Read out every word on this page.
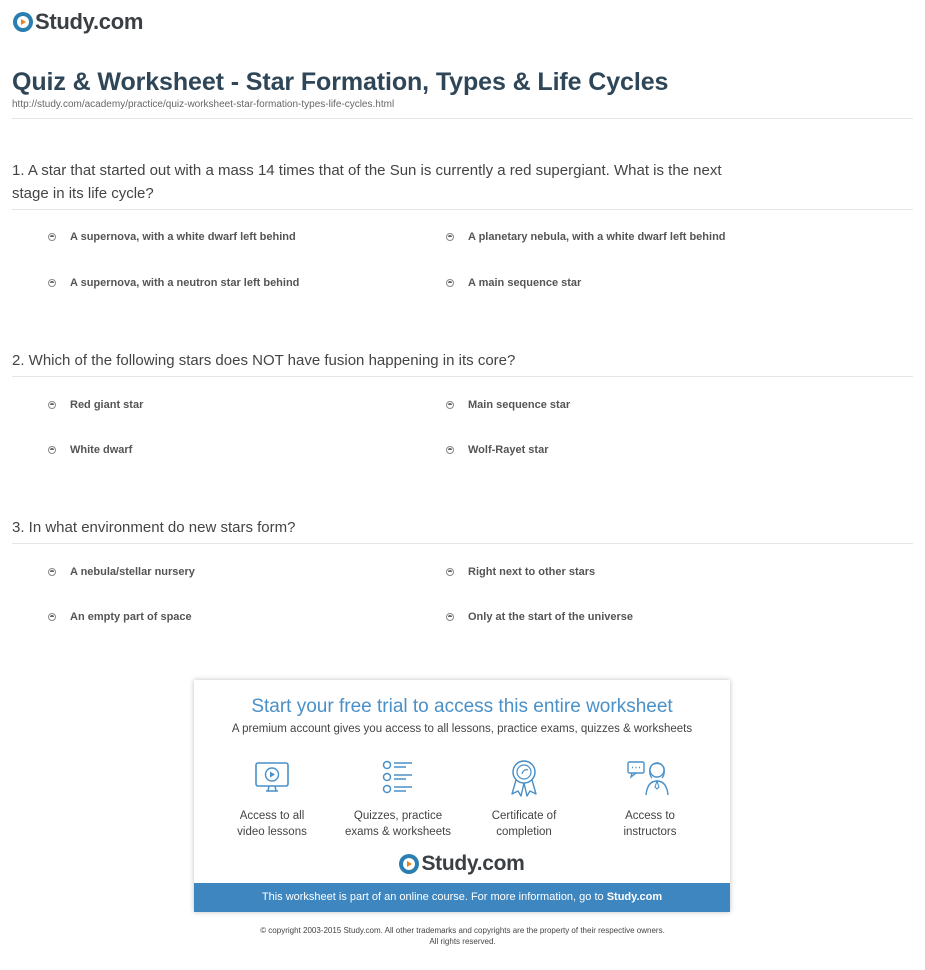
Study.com
Quiz & Worksheet - Star Formation, Types & Life Cycles
http://study.com/academy/practice/quiz-worksheet-star-formation-types-life-cycles.html
1. A star that started out with a mass 14 times that of the Sun is currently a red supergiant. What is the next stage in its life cycle?
A supernova, with a white dwarf left behind	A planetary nebula, with a white dwarf left behind
A supernova, with a neutron star left behind	A main sequence star
2. Which of the following stars does NOT have fusion happening in its core?
Red giant star	Main sequence star
White dwarf	Wolf-Rayet star
3. In what environment do new stars form?
A nebula/stellar nursery	Right next to other stars
An empty part of space	Only at the start of the universe
Start your free trial to access this entire worksheet
A premium account gives you access to all lessons, practice exams, quizzes & worksheets
Access to all
video lessons
Quizzes, practice
exams & worksheets
Certificate of
completion
Access to
instructors
Study.com
This worksheet is part of an online course. For more information, go to Study.com
© copyright 2003-2015 Study.com. All other trademarks and copyrights are the property of their respective owners.
All rights reserved.
